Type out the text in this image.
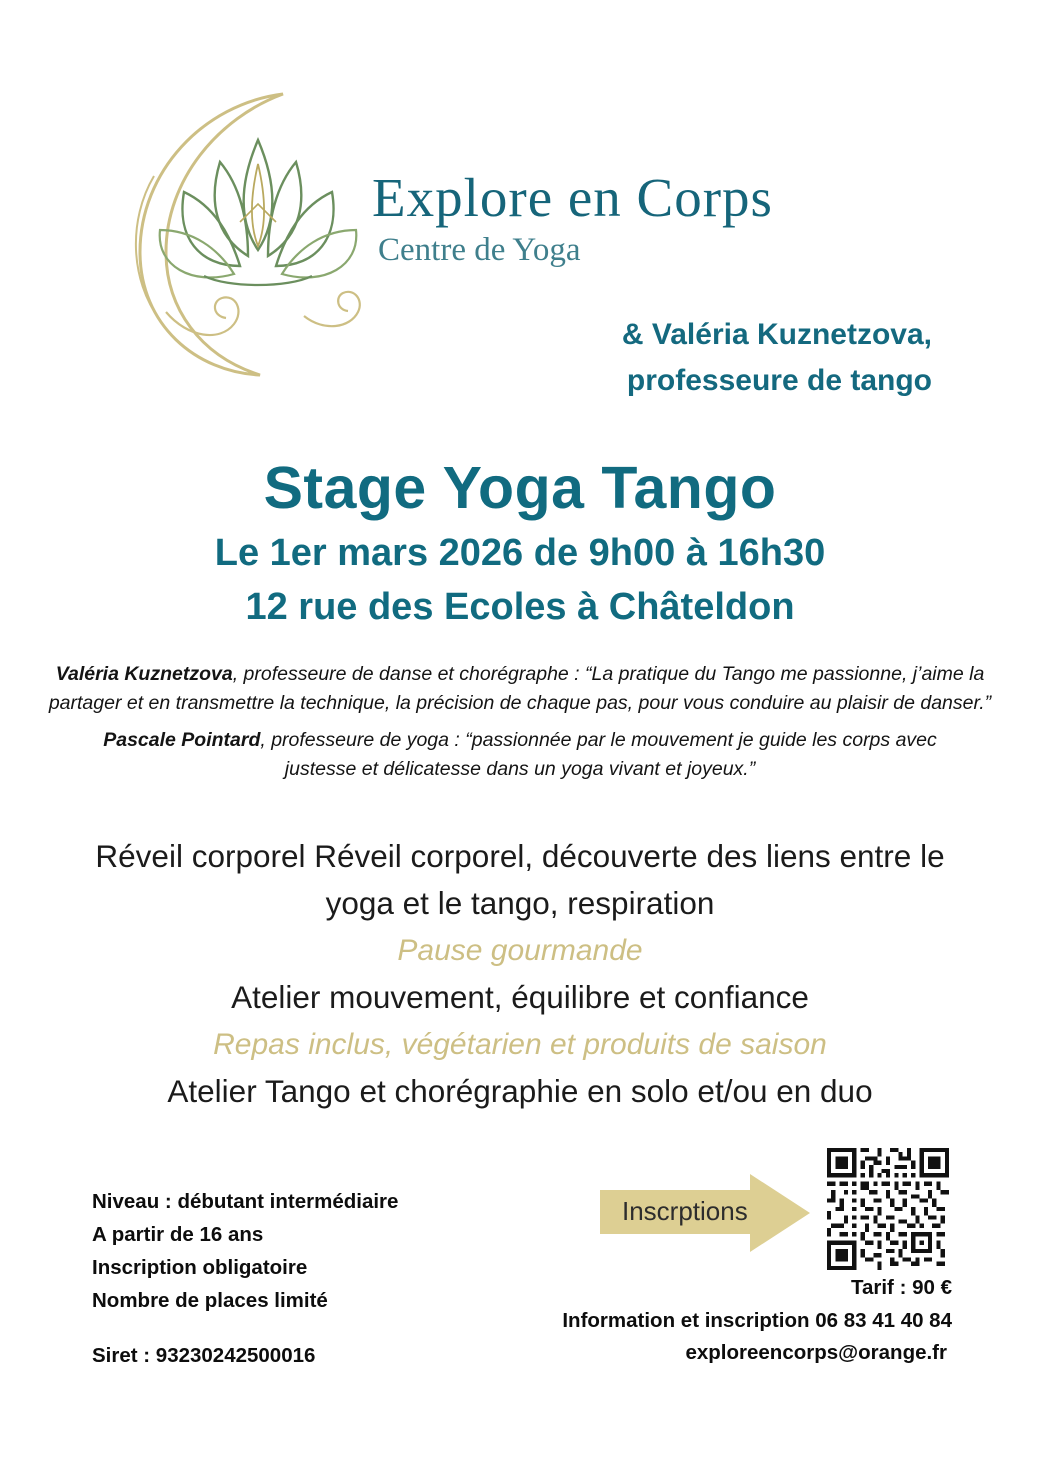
Explore en Corps
Centre de Yoga
& Valéria Kuznetzova,
professeure de tango
Stage Yoga Tango
Le 1er mars 2026 de 9h00 à 16h30
12 rue des Ecoles à Châteldon
Valéria Kuznetzova, professeure de danse et chorégraphe : “La pratique du Tango me passionne, j’aime la partager et en transmettre la technique, la précision de chaque pas, pour vous conduire au plaisir de danser.”
Pascale Pointard, professeure de yoga : “passionnée par le mouvement je guide les corps avec justesse et délicatesse dans un yoga vivant et joyeux.”
Réveil corporel Réveil corporel, découverte des liens entre le yoga et le tango, respiration
Pause gourmande
Atelier mouvement, équilibre et confiance
Repas inclus, végétarien et produits de saison
Atelier Tango et chorégraphie en solo et/ou en duo
Niveau : débutant intermédiaire
A partir de 16 ans
Inscription obligatoire
Nombre de places limité
Siret : 93230242500016
Inscrptions
Tarif : 90 €
Information et inscription 06 83 41 40 84
exploreencorps@orange.fr
